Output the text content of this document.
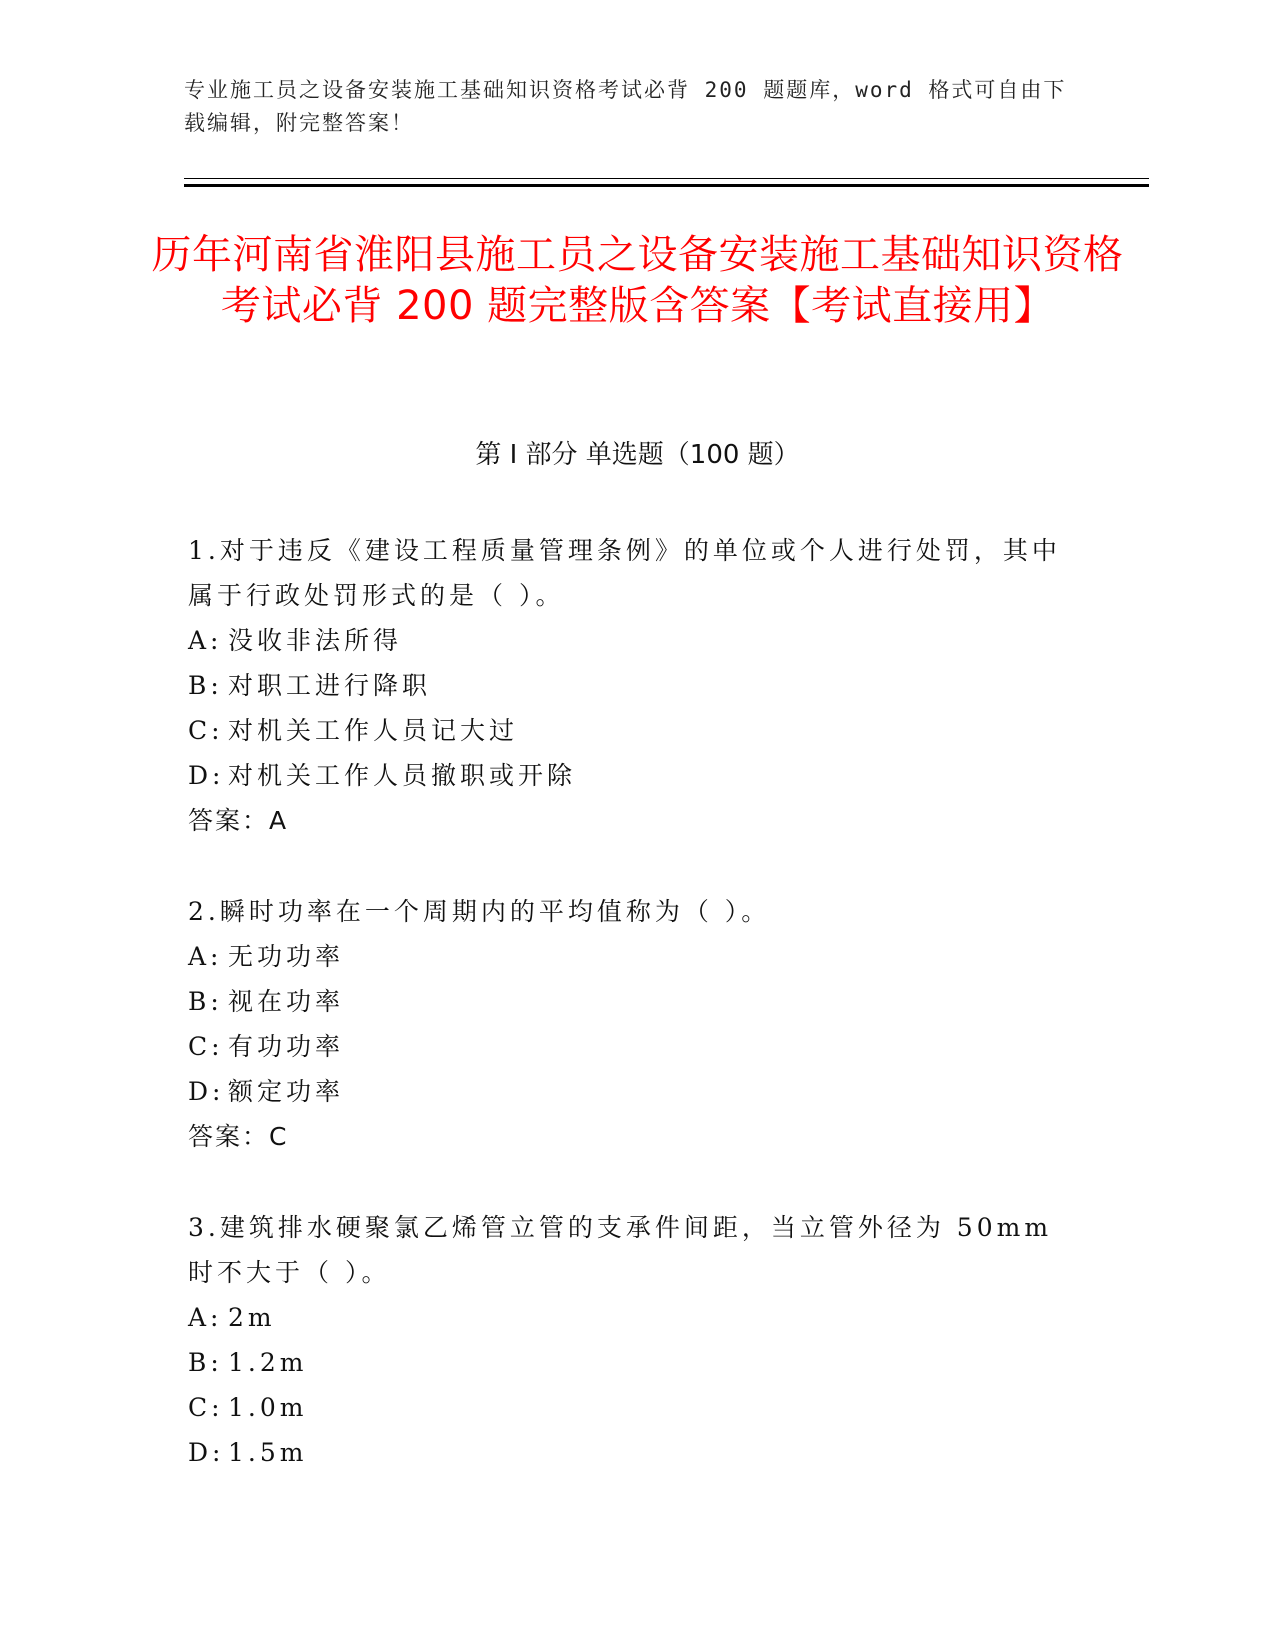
专业施工员之设备安装施工基础知识资格考试必背 200 题题库，word 格式可自由下载编辑，附完整答案！
历年河南省淮阳县施工员之设备安装施工基础知识资格考试必背 200 题完整版含答案【考试直接用】
第 I 部分 单选题（100 题）
1.对于违反《建设工程质量管理条例》的单位或个人进行处罚，其中属于行政处罚形式的是（ ）。
A: 没收非法所得
B: 对职工进行降职
C: 对机关工作人员记大过
D: 对机关工作人员撤职或开除
答案：A
2.瞬时功率在一个周期内的平均值称为（ ）。
A: 无功功率
B: 视在功率
C: 有功功率
D: 额定功率
答案：C
3.建筑排水硬聚氯乙烯管立管的支承件间距，当立管外径为 50mm 时不大于（ ）。
A: 2m
B: 1.2m
C: 1.0m
D: 1.5m
